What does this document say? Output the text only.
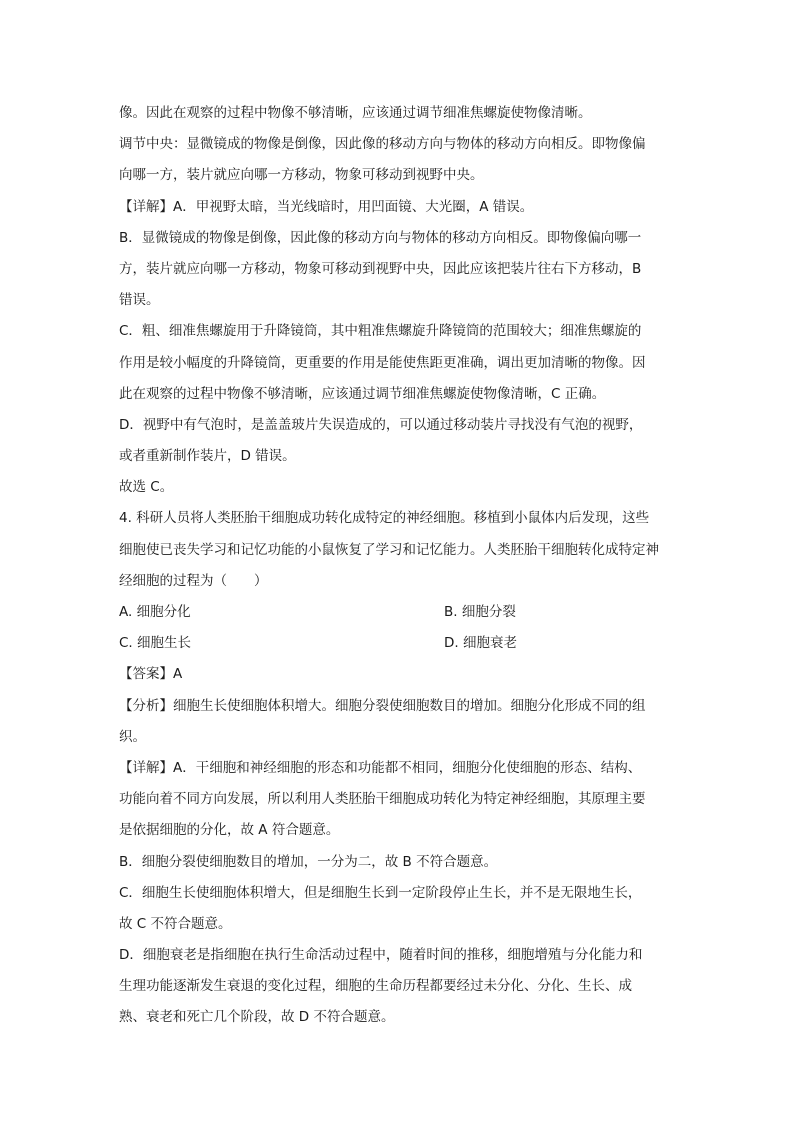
像。因此在观察的过程中物像不够清晰，应该通过调节细准焦螺旋使物像清晰。
调节中央：显微镜成的物像是倒像，因此像的移动方向与物体的移动方向相反。即物像偏
向哪一方，装片就应向哪一方移动，物象可移动到视野中央。
【详解】A．甲视野太暗，当光线暗时，用凹面镜、大光圈，A 错误。
B．显微镜成的物像是倒像，因此像的移动方向与物体的移动方向相反。即物像偏向哪一
方，装片就应向哪一方移动，物象可移动到视野中央，因此应该把装片往右下方移动，B
错误。
C．粗、细准焦螺旋用于升降镜筒，其中粗准焦螺旋升降镜筒的范围较大；细准焦螺旋的
作用是较小幅度的升降镜筒，更重要的作用是能使焦距更准确，调出更加清晰的物像。因
此在观察的过程中物像不够清晰，应该通过调节细准焦螺旋使物像清晰，C 正确。
D．视野中有气泡时，是盖盖玻片失误造成的，可以通过移动装片寻找没有气泡的视野，
或者重新制作装片，D 错误。
故选 C。
4. 科研人员将人类胚胎干细胞成功转化成特定的神经细胞。移植到小鼠体内后发现，这些
细胞使已丧失学习和记忆功能的小鼠恢复了学习和记忆能力。人类胚胎干细胞转化成特定神
经细胞的过程为（　　）
A. 细胞分化	B. 细胞分裂
C. 细胞生长	D. 细胞衰老
【答案】A
【分析】细胞生长使细胞体积增大。细胞分裂使细胞数目的增加。细胞分化形成不同的组
织。
【详解】A．干细胞和神经细胞的形态和功能都不相同，细胞分化使细胞的形态、结构、
功能向着不同方向发展，所以利用人类胚胎干细胞成功转化为特定神经细胞，其原理主要
是依据细胞的分化，故 A 符合题意。
B．细胞分裂使细胞数目的增加，一分为二，故 B 不符合题意。
C．细胞生长使细胞体积增大，但是细胞生长到一定阶段停止生长，并不是无限地生长，
故 C 不符合题意。
D．细胞衰老是指细胞在执行生命活动过程中，随着时间的推移，细胞增殖与分化能力和
生理功能逐渐发生衰退的变化过程，细胞的生命历程都要经过未分化、分化、生长、成
熟、衰老和死亡几个阶段，故 D 不符合题意。
